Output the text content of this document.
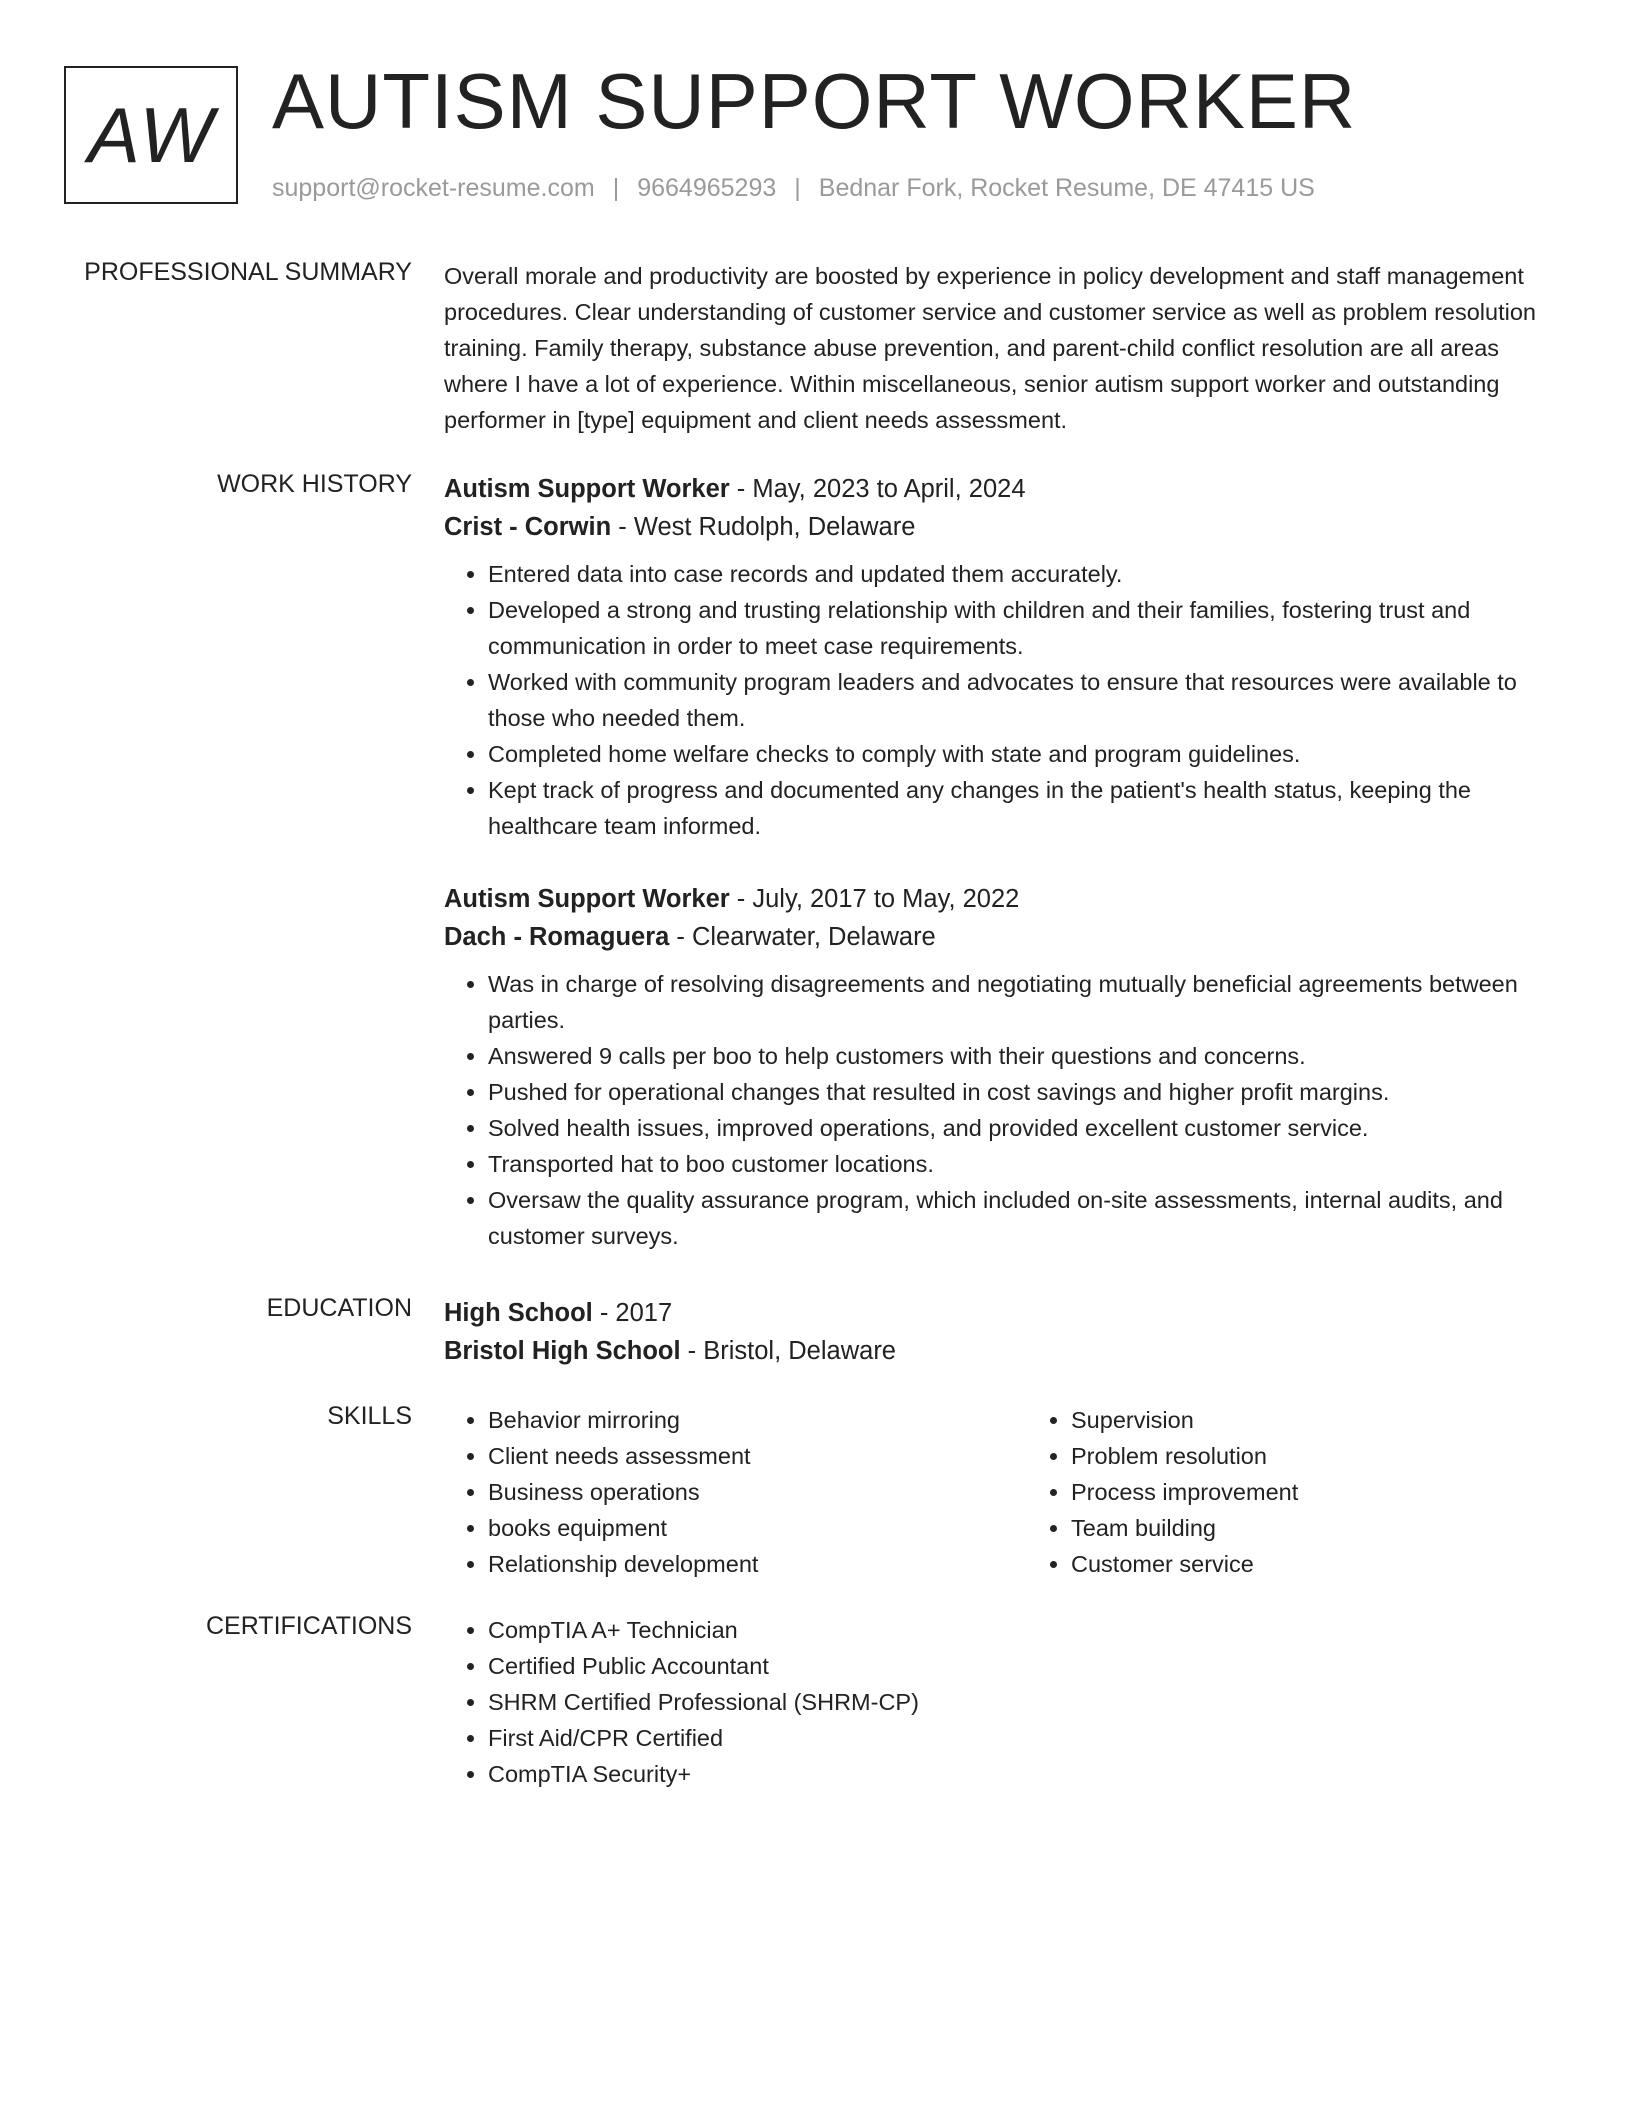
AW AUTISM SUPPORT WORKER
support@rocket-resume.com | 9664965293 | Bednar Fork, Rocket Resume, DE 47415 US
PROFESSIONAL SUMMARY Overall morale and productivity are boosted by experience in policy development and staff management procedures. Clear understanding of customer service and customer service as well as problem resolution training. Family therapy, substance abuse prevention, and parent-child conflict resolution are all areas where I have a lot of experience. Within miscellaneous, senior autism support worker and outstanding performer in [type] equipment and client needs assessment.

WORK HISTORY Autism Support Worker - May, 2023 to April, 2024
Crist - Corwin - West Rudolph, Delaware
• Entered data into case records and updated them accurately.
• Developed a strong and trusting relationship with children and their families, fostering trust and communication in order to meet case requirements.
• Worked with community program leaders and advocates to ensure that resources were available to those who needed them.
• Completed home welfare checks to comply with state and program guidelines.
• Kept track of progress and documented any changes in the patient's health status, keeping the healthcare team informed.
Autism Support Worker - July, 2017 to May, 2022
Dach - Romaguera - Clearwater, Delaware
• Was in charge of resolving disagreements and negotiating mutually beneficial agreements between parties.
• Answered 9 calls per boo to help customers with their questions and concerns.
• Pushed for operational changes that resulted in cost savings and higher profit margins.
• Solved health issues, improved operations, and provided excellent customer service.
• Transported hat to boo customer locations.
• Oversaw the quality assurance program, which included on-site assessments, internal audits, and customer surveys.
EDUCATION High School - 2017
Bristol High School - Bristol, Delaware
SKILLS	• Behavior mirroring
• Client needs assessment
• Business operations
• books equipment
• Relationship development
• Supervision
• Problem resolution
• Process improvement
• Team building
• Customer service
CERTIFICATIONS	• CompTIA A+ Technician
• Certified Public Accountant
• SHRM Certified Professional (SHRM-CP)
• First Aid/CPR Certified
• CompTIA Security+
